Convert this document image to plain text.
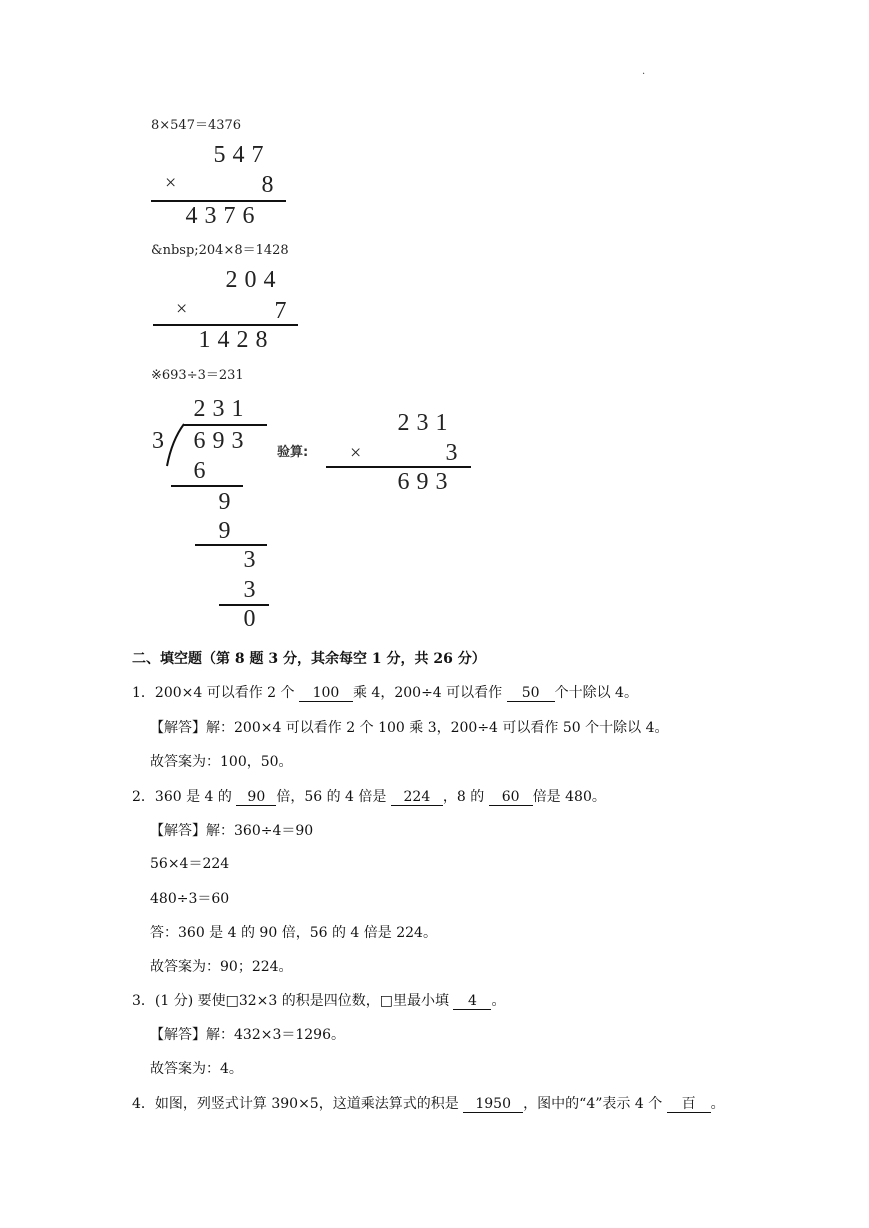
.
8×547＝4376
5 4 7
×	8
4 3 7 6
&nbsp;204×8＝1428
2 0 4
×	7
1 4 2 8
※693÷3＝231
2 3 1
3 6 9 3
6
9
9
3
3
0
验算:
2 3 1
×	3
6 9 3
二、填空题（第 8 题 3 分，其余每空 1 分，共 26 分）
1．200×4 可以看作 2 个 100 乘 4，200÷4 可以看作 50 个十除以 4。
【解答】解：200×4 可以看作 2 个 100 乘 3，200÷4 可以看作 50 个十除以 4。
故答案为：100，50。
2．360 是 4 的 90 倍，56 的 4 倍是 224 ，8 的 60 倍是 480。
【解答】解：360÷4＝90
56×4＝224
480÷3＝60
答：360 是 4 的 90 倍，56 的 4 倍是 224。
故答案为：90；224。
3．(1 分) 要使□32×3 的积是四位数，□里最小填 4 。
【解答】解：432×3＝1296。
故答案为：4。
4．如图，列竖式计算 390×5，这道乘法算式的积是 1950 ，图中的“4”表示 4 个 百 。
